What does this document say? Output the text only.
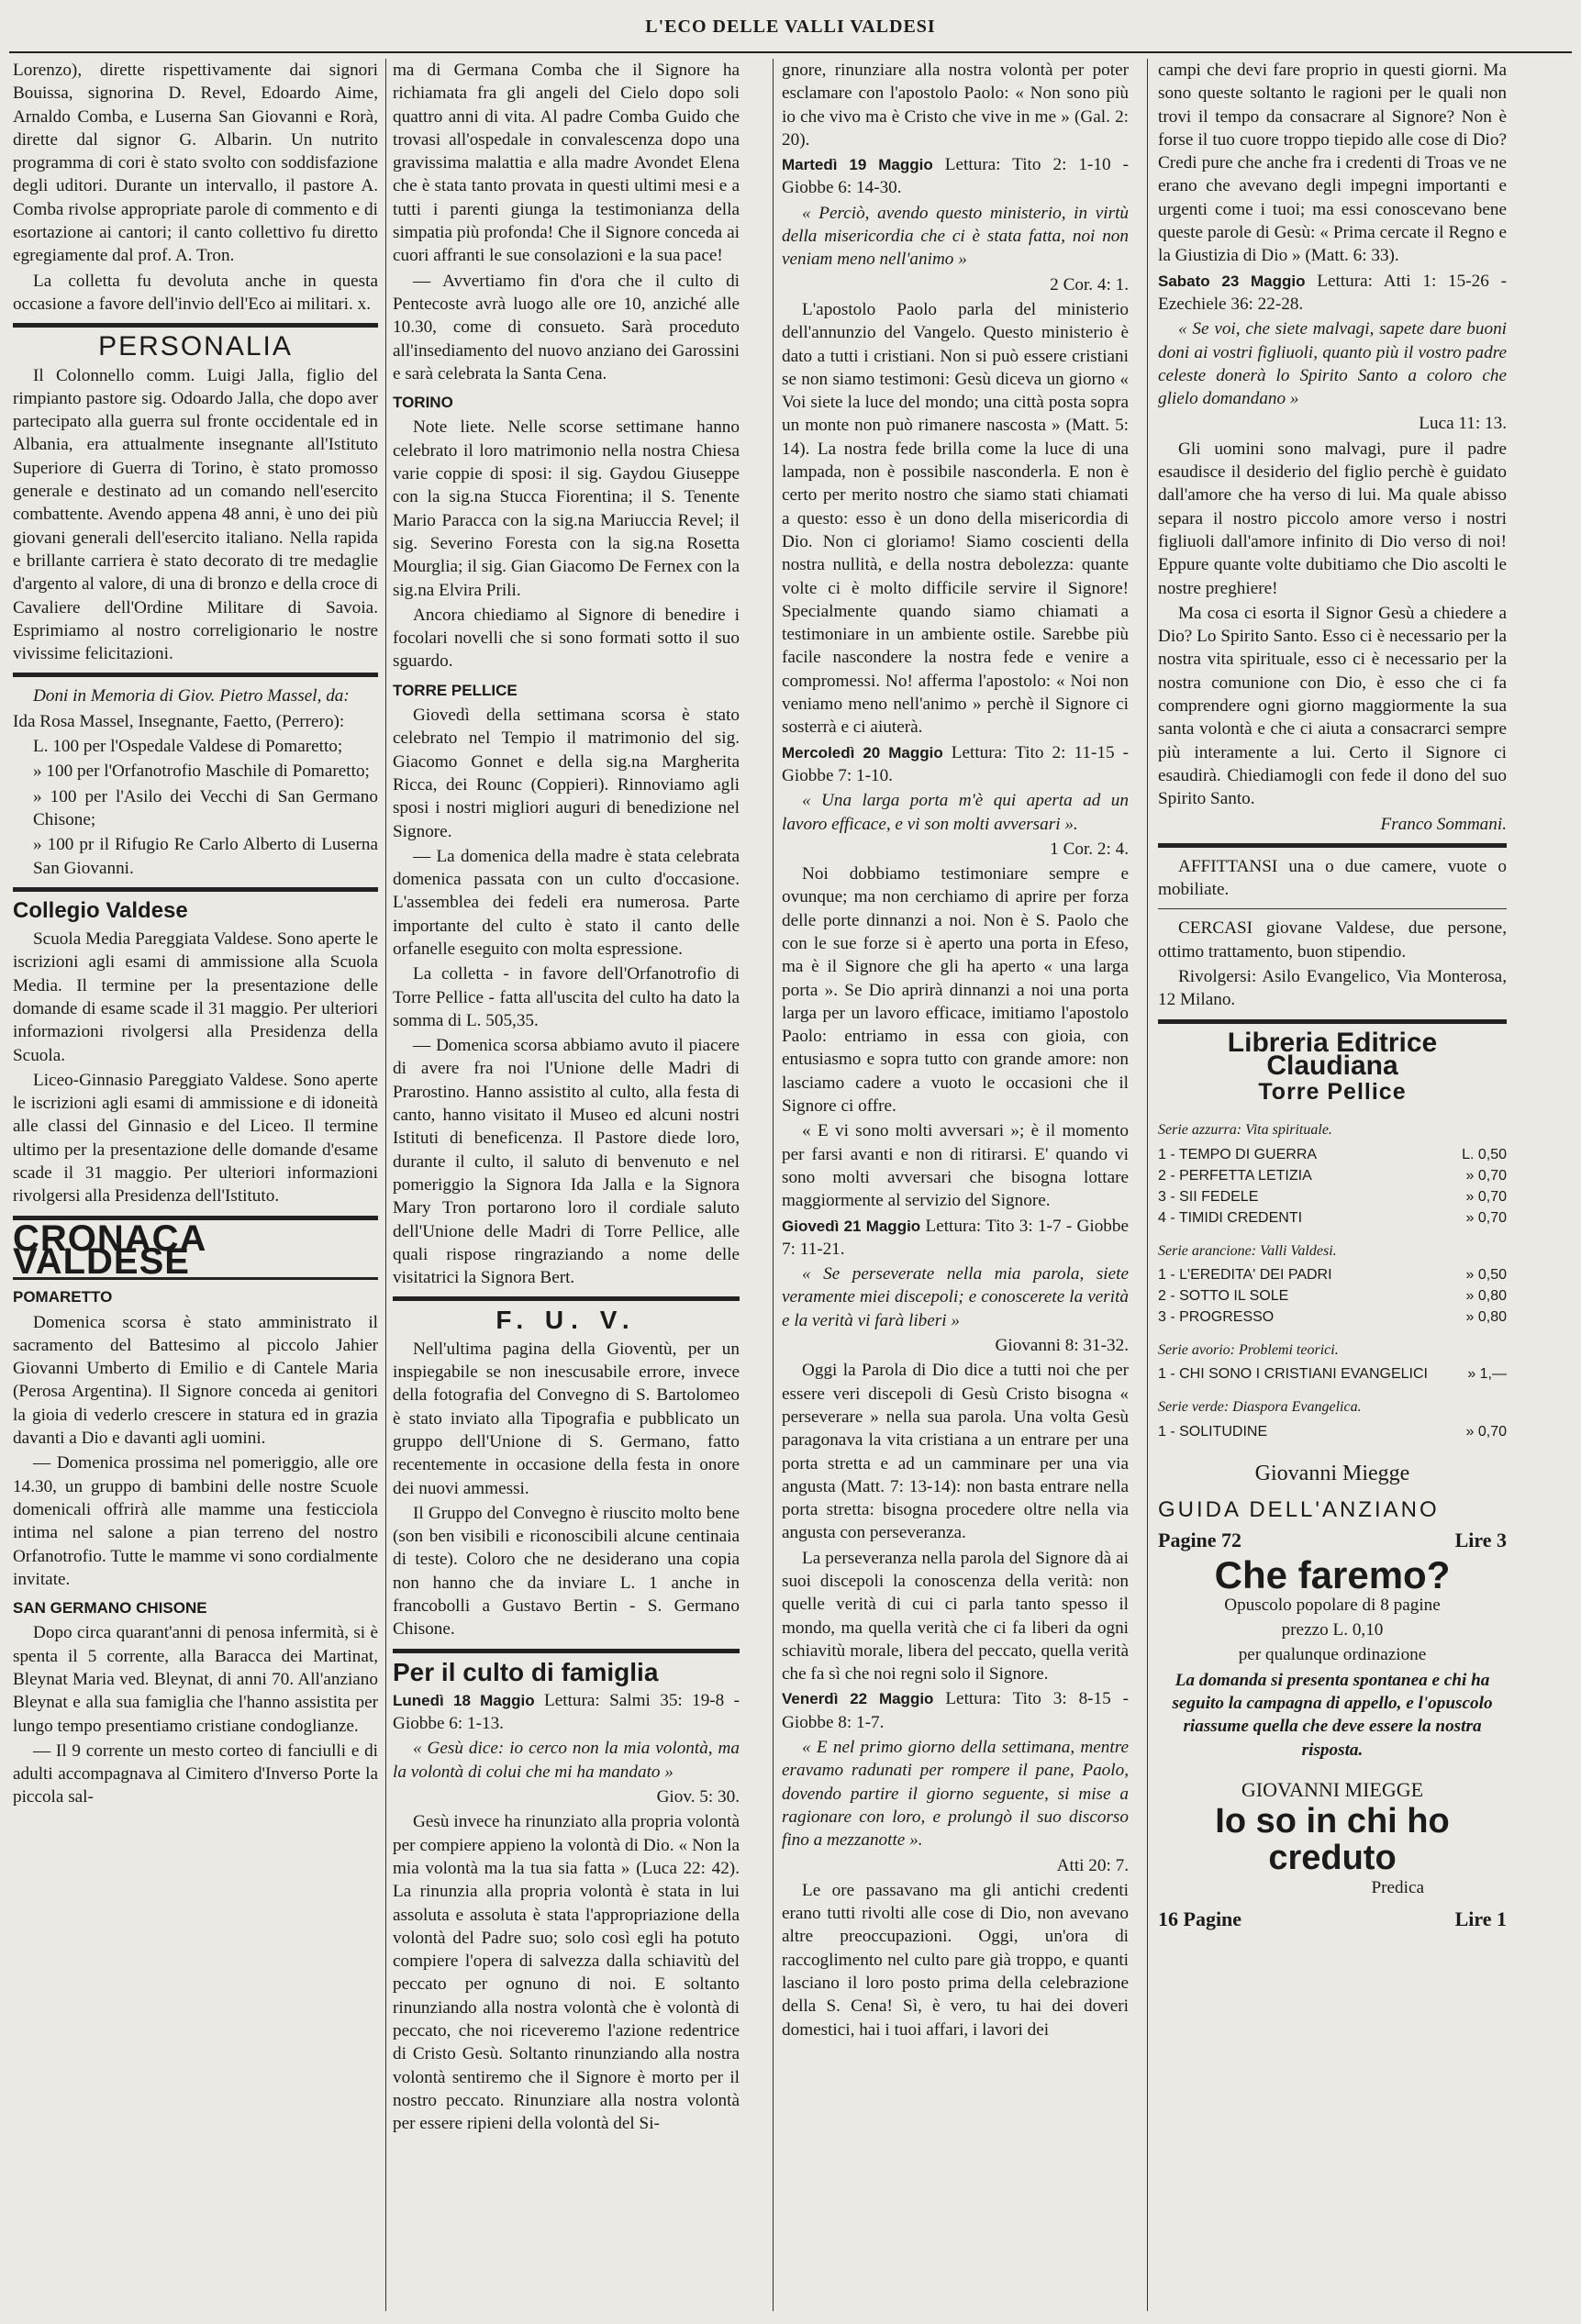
L'ECO DELLE VALLI VALDESI

Lorenzo), dirette rispettivamente dai signori Bouissa, signorina D. Revel, Edoardo Aime, Arnaldo Comba, e Lusernа San Giovanni e Rorà, dirette dal signor G. Albarin. Un nutrito programma di cori è stato svolto con soddisfazione degli uditori. Durante un intervallo, il pastore A. Comba rivolse appropriate parole di commento e di esortazione ai cantori; il canto collettivo fu diretto egregiamente dal prof. A. Tron.

La colletta fu devoluta anche in questa occasione a favore dell'invio dell'Eco ai militari. x.

PERSONALIA

Il Colonnello comm. Luigi Jalla, figlio del rimpianto pastore sig. Odoardo Jalla, che dopo aver partecipato alla guerra sul fronte occidentale ed in Albania, era attualmente insegnante all'Istituto Superiore di Guerra di Torino, è stato promosso generale e destinato ad un comando nell'esercito combattente. Avendo appena 48 anni, è uno dei più giovani generali dell'esercito italiano. Nella rapida e brillante carriera è stato decorato di tre medaglie d'argento al valore, di una di bronzo e della croce di Cavaliere dell'Ordine Militare di Savoia. Esprimiamo al nostro correligionario le nostre vivissime felicitazioni.

Doni in Memoria di Giov. Pietro Massel, da:

Ida Rosa Massel, Insegnante, Faetto, (Perrero):

L. 100 per l'Ospedale Valdese di Pomaretto;

» 100 per l'Orfanotrofio Maschile di Pomaretto;

» 100 per l'Asilo dei Vecchi di San Germano Chisone;

» 100 pr il Rifugio Re Carlo Alberto di Luserna San Giovanni.

Collegio Valdese

Scuola Media Pareggiata Valdese. Sono aperte le iscrizioni agli esami di ammissione alla Scuola Media. Il termine per la presentazione delle domande di esame scade il 31 maggio. Per ulteriori informazioni rivolgersi alla Presidenza della Scuola.

Liceo-Ginnasio Pareggiato Valdese. Sono aperte le iscrizioni agli esami di ammissione e di idoneità alle classi del Ginnasio e del Liceo. Il termine ultimo per la presentazione delle domande d'esame scade il 31 maggio. Per ulteriori informazioni rivolgersi alla Presidenza dell'Istituto.

CRONACA VALDESE

POMARETTO

Domenica scorsa è stato amministrato il sacramento del Battesimo al piccolo Jahier Giovanni Umberto di Emilio e di Cantele Maria (Perosa Argentina). Il Signore conceda ai genitori la gioia di vederlo crescere in statura ed in grazia davanti a Dio e davanti agli uomini.

— Domenica prossima nel pomeriggio, alle ore 14.30, un gruppo di bambini delle nostre Scuole domenicali offrirà alle mamme una festicciola intima nel salone a pian terreno del nostro Orfanotrofio. Tutte le mamme vi sono cordialmente invitate.

SAN GERMANO CHISONE

Dopo circa quarant'anni di penosa infermità, si è spenta il 5 corrente, alla Baracca dei Martinat, Bleynat Maria ved. Bleynat, di anni 70. All'anziano Bleynat e alla sua famiglia che l'hanno assistita per lungo tempo presentiamo cristiane condoglianze.

— Il 9 corrente un mesto corteo di fanciulli e di adulti accompagnava al Cimitero d'Inverso Porte la piccola sal-

ma di Germana Comba che il Signore ha richiamata fra gli angeli del Cielo dopo soli quattro anni di vita. Al padre Comba Guido che trovasi all'ospedale in convalescenza dopo una gravissima malattia e alla madre Avondet Elena che è stata tanto provata in questi ultimi mesi e a tutti i parenti giunga la testimonianza della simpatia più profonda! Che il Signore conceda ai cuori affranti le sue consolazioni e la sua pace!

— Avvertiamo fin d'ora che il culto di Pentecoste avrà luogo alle ore 10, anziché alle 10.30, come di consueto. Sarà proceduto all'insediamento del nuovo anziano dei Garossini e sarà celebrata la Santa Cena.

TORINO

Note liete. Nelle scorse settimane hanno celebrato il loro matrimonio nella nostra Chiesa varie coppie di sposi: il sig. Gaydou Giuseppe con la sig.na Stucca Fiorentina; il S. Tenente Mario Paracca con la sig.na Mariuccia Revel; il sig. Severino Foresta con la sig.na Rosetta Mourglia; il sig. Gian Giacomo De Fernex con la sig.na Elvira Prili.

Ancora chiediamo al Signore di benedire i focolari novelli che si sono formati sotto il suo sguardo.

TORRE PELLICE

Giovedì della settimana scorsa è stato celebrato nel Tempio il matrimonio del sig. Giacomo Gonnet e della sig.na Margherita Ricca, dei Rounc (Coppieri). Rinnoviamo agli sposi i nostri migliori auguri di benedizione nel Signore.

— La domenica della madre è stata celebrata domenica passata con un culto d'occasione. L'assemblea dei fedeli era numerosa. Parte importante del culto è stato il canto delle orfanelle eseguito con molta espressione.

La colletta - in favore dell'Orfanotrofio di Torre Pellice - fatta all'uscita del culto ha dato la somma di L. 505,35.

— Domenica scorsa abbiamo avuto il piacere di avere fra noi l'Unione delle Madri di Prarostino. Hanno assistito al culto, alla festa di canto, hanno visitato il Museo ed alcuni nostri Istituti di beneficenza. Il Pastore diede loro, durante il culto, il saluto di benvenuto e nel pomeriggio la Signora Ida Jalla e la Signora Mary Tron portarono loro il cordiale saluto dell'Unione delle Madri di Torre Pellice, alle quali rispose ringraziando a nome delle visitatrici la Signora Bert.

F. U. V.

Nell'ultima pagina della Gioventù, per un inspiegabile se non inescusabile errore, invece della fotografia del Convegno di S. Bartolomeo è stato inviato alla Tipografia e pubblicato un gruppo dell'Unione di S. Germano, fatto recentemente in occasione della festa in onore dei nuovi ammessi.

Il Gruppo del Convegno è riuscito molto bene (son ben visibili e riconoscibili alcune centinaia di teste). Coloro che ne desiderano una copia non hanno che da inviare L. 1 anche in francobolli a Gustavo Bertin - S. Germano Chisone.

Per il culto di famiglia

Lunedì 18 Maggio Lettura: Salmi 35: 19-8 - Giobbe 6: 1-13.

« Gesù dice: io cerco non la mia volontà, ma la volontà di colui che mi ha mandato »

Giov. 5: 30.

Gesù invece ha rinunziato alla propria volontà per compiere appieno la volontà di Dio. « Non la mia volontà ma la tua sia fatta » (Luca 22: 42). La rinunzia alla propria volontà è stata in lui assoluta e assoluta è stata l'appropriazione della volontà del Padre suo; solo così egli ha potuto compiere l'opera di salvezza dalla schiavitù del peccato per ognuno di noi. E soltanto rinunziando alla nostra volontà che è volontà di peccato, che noi riceveremo l'azione redentrice di Cristo Gesù. Soltanto rinunziando alla nostra volontà sentiremo che il Signore è morto per il nostro peccato. Rinunziare alla nostra volontà per essere ripieni della volontà del Si-

gnore, rinunziare alla nostra volontà per poter esclamare con l'apostolo Paolo: « Non sono più io che vivo ma è Cristo che vive in me » (Gal. 2: 20).

Martedì 19 Maggio Lettura: Tito 2: 1-10 - Giobbe 6: 14-30.

« Perciò, avendo questo ministerio, in virtù della misericordia che ci è stata fatta, noi non veniam meno nell'animo »

2 Cor. 4: 1.

L'apostolo Paolo parla del ministerio dell'annunzio del Vangelo. Questo ministerio è dato a tutti i cristiani. Non si può essere cristiani se non siamo testimoni: Gesù diceva un giorno « Voi siete la luce del mondo; una città posta sopra un monte non può rimanere nascosta » (Matt. 5: 14). La nostra fede brilla come la luce di una lampada, non è possibile nasconderla. E non è certo per merito nostro che siamo stati chiamati a questo: esso è un dono della misericordia di Dio. Non ci gloriamo! Siamo coscienti della nostra nullità, e della nostra debolezza: quante volte ci è molto difficile servire il Signore! Specialmente quando siamo chiamati a testimoniare in un ambiente ostile. Sarebbe più facile nascondere la nostra fede e venire a compromessi. No! afferma l'apostolo: « Noi non veniamo meno nell'animo » perchè il Signore ci sosterrà e ci aiuterà.

Mercoledì 20 Maggio Lettura: Tito 2: 11-15 - Giobbe 7: 1-10.

« Una larga porta m'è qui aperta ad un lavoro efficace, e vi son molti avversari ».

1 Cor. 2: 4.

Noi dobbiamo testimoniare sempre e ovunque; ma non cerchiamo di aprire per forza delle porte dinnanzi a noi. Non è S. Paolo che con le sue forze si è aperto una porta in Efeso, ma è il Signore che gli ha aperto « una larga porta ». Se Dio aprirà dinnanzi a noi una porta larga per un lavoro efficace, imitiamo l'apostolo Paolo: entriamo in essa con gioia, con entusiasmo e sopra tutto con grande amore: non lasciamo cadere a vuoto le occasioni che il Signore ci offre.

« E vi sono molti avversari »; è il momento per farsi avanti e non di ritirarsi. E' quando vi sono molti avversari che bisogna lottare maggiormente al servizio del Signore.

Giovedì 21 Maggio Lettura: Tito 3: 1-7 - Giobbe 7: 11-21.

« Se perseverate nella mia parola, siete veramente miei discepoli; e conoscerete la verità e la verità vi farà liberi »

Giovanni 8: 31-32.

Oggi la Parola di Dio dice a tutti noi che per essere veri discepoli di Gesù Cristo bisogna « perseverare » nella sua parola. Una volta Gesù paragonava la vita cristiana a un entrare per una porta stretta e ad un camminare per una via angusta (Matt. 7: 13-14): non basta entrare nella porta stretta: bisogna procedere oltre nella via angusta con perseveranza.

La perseveranza nella parola del Signore dà ai suoi discepoli la conoscenza della verità: non quelle verità di cui ci parla tanto spesso il mondo, ma quella verità che ci fa liberi da ogni schiavitù morale, libera del peccato, quella verità che fa sì che noi regni solo il Signore.

Venerdì 22 Maggio Lettura: Tito 3: 8-15 - Giobbe 8: 1-7.

« E nel primo giorno della settimana, mentre eravamo radunati per rompere il pane, Paolo, dovendo partire il giorno seguente, si mise a ragionare con loro, e prolungò il suo discorso fino a mezzanotte ».

Atti 20: 7.

Le ore passavano ma gli antichi credenti erano tutti rivolti alle cose di Dio, non avevano altre preoccupazioni. Oggi, un'ora di raccoglimento nel culto pare già troppo, e quanti lasciano il loro posto prima della celebrazione della S. Cena! Sì, è vero, tu hai dei doveri domestici, hai i tuoi affari, i lavori dei

campi che devi fare proprio in questi giorni. Ma sono queste soltanto le ragioni per le quali non trovi il tempo da consacrare al Signore? Non è forse il tuo cuore troppo tiepido alle cose di Dio? Credi pure che anche fra i credenti di Troas ve ne erano che avevano degli impegni importanti e urgenti come i tuoi; ma essi conoscevano bene queste parole di Gesù: « Prima cercate il Regno e la Giustizia di Dio » (Matt. 6: 33).

Sabato 23 Maggio Lettura: Atti 1: 15-26 - Ezechiele 36: 22-28.

« Se voi, che siete malvagi, sapete dare buoni doni ai vostri figliuoli, quanto più il vostro padre celeste donerà lo Spirito Santo a coloro che glielo domandano »

Luca 11: 13.

Gli uomini sono malvagi, pure il padre esaudisce il desiderio del figlio perchè è guidato dall'amore che ha verso di lui. Ma quale abisso separa il nostro piccolo amore verso i nostri figliuoli dall'amore infinito di Dio verso di noi! Eppure quante volte dubitiamo che Dio ascolti le nostre preghiere!

Ma cosa ci esorta il Signor Gesù a chiedere a Dio? Lo Spirito Santo. Esso ci è necessario per la nostra vita spirituale, esso ci è necessario per la nostra comunione con Dio, è esso che ci fa comprendere ogni giorno maggiormente la sua santa volontà e che ci aiuta a consacrarci sempre più interamente a lui. Certo il Signore ci esaudirà. Chiediamogli con fede il dono del suo Spirito Santo.

Franco Sommani.

AFFITTANSI una o due camere, vuote o mobiliate.

CERCASI giovane Valdese, due persone, ottimo trattamento, buon stipendio.

Rivolgersi: Asilo Evangelico, Via Monterosa, 12 Milano.

Libreria Editrice Claudiana
Torre Pellice

Serie azzurra: Vita spirituale.

1 - TEMPO DI GUERRA	L. 0,50
2 - PERFETTA LETIZIA	» 0,70
3 - SII FEDELE	» 0,70
4 - TIMIDI CREDENTI	» 0,70

Serie arancione: Valli Valdesi.

1 - L'EREDITA' DEI PADRI	» 0,50
2 - SOTTO IL SOLE	» 0,80
3 - PROGRESSO	» 0,80

Serie avorio: Problemi teorici.

1 - CHI SONO I CRISTIANI EVANGELICI	» 1,—

Serie verde: Diaspora Evangelica.

1 - SOLITUDINE	» 0,70

Giovanni Miegge

GUIDA DELL'ANZIANO
Pagine 72	Lire 3
Che faremo?

Opuscolo popolare di 8 pagine

prezzo L. 0,10

per qualunque ordinazione

La domanda si presenta spontanea e chi ha seguito la campagna di appello, e l'opuscolo riassume quella che deve essere la nostra risposta.

GIOVANNI MIEGGE

Io so in chi ho creduto

Predica

16 Pagine	Lire 1
